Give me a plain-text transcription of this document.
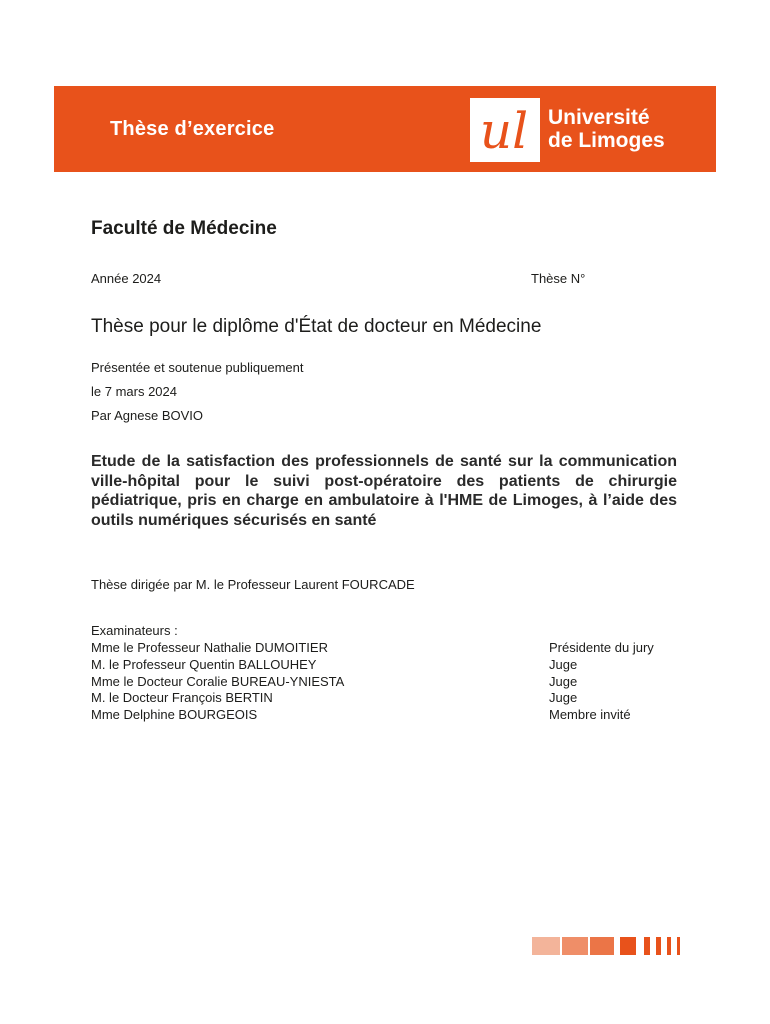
Thèse d’exercice	ul Université
de Limoges
Faculté de Médecine
Année 2024	Thèse N°
Thèse pour le diplôme d'État de docteur en Médecine
Présentée et soutenue publiquement
le 7 mars 2024
Par Agnese BOVIO
Etude de la satisfaction des professionnels de santé sur la communication ville-hôpital pour le suivi post-opératoire des patients de chirurgie pédiatrique, pris en charge en ambulatoire à l'HME de Limoges, à l’aide des outils numériques sécurisés en santé
Thèse dirigée par M. le Professeur Laurent FOURCADE
Examinateurs :
Mme le Professeur Nathalie DUMOITIER
M. le Professeur Quentin BALLOUHEY
Mme le Docteur Coralie BUREAU-YNIESTA
M. le Docteur François BERTIN
Mme Delphine BOURGEOIS
Présidente du jury
Juge
Juge
Juge
Membre invité
